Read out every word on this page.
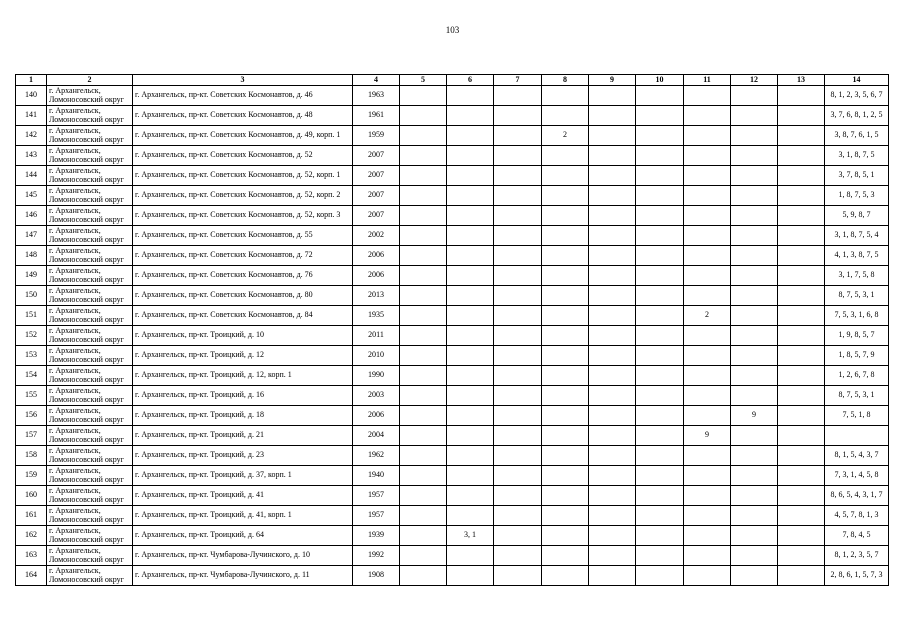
103
1	2	3	4	5	6	7	8	9	10	11	12	13	14
140	г. Архангельск, Ломоносовский округ	г. Архангельск, пр-кт. Советских Космонавтов, д. 46	1963										8, 1, 2, 3, 5, 6, 7
141	г. Архангельск, Ломоносовский округ	г. Архангельск, пр-кт. Советских Космонавтов, д. 48	1961										3, 7, 6, 8, 1, 2, 5
142	г. Архангельск, Ломоносовский округ	г. Архангельск, пр-кт. Советских Космонавтов, д. 49, корп. 1	1959				2						3, 8, 7, 6, 1, 5
143	г. Архангельск, Ломоносовский округ	г. Архангельск, пр-кт. Советских Космонавтов, д. 52	2007										3, 1, 8, 7, 5
144	г. Архангельск, Ломоносовский округ	г. Архангельск, пр-кт. Советских Космонавтов, д. 52, корп. 1	2007										3, 7, 8, 5, 1
145	г. Архангельск, Ломоносовский округ	г. Архангельск, пр-кт. Советских Космонавтов, д. 52, корп. 2	2007										1, 8, 7, 5, 3
146	г. Архангельск, Ломоносовский округ	г. Архангельск, пр-кт. Советских Космонавтов, д. 52, корп. 3	2007										5, 9, 8, 7
147	г. Архангельск, Ломоносовский округ	г. Архангельск, пр-кт. Советских Космонавтов, д. 55	2002										3, 1, 8, 7, 5, 4
148	г. Архангельск, Ломоносовский округ	г. Архангельск, пр-кт. Советских Космонавтов, д. 72	2006										4, 1, 3, 8, 7, 5
149	г. Архангельск, Ломоносовский округ	г. Архангельск, пр-кт. Советских Космонавтов, д. 76	2006										3, 1, 7, 5, 8
150	г. Архангельск, Ломоносовский округ	г. Архангельск, пр-кт. Советских Космонавтов, д. 80	2013										8, 7, 5, 3, 1
151	г. Архангельск, Ломоносовский округ	г. Архангельск, пр-кт. Советских Космонавтов, д. 84	1935							2			7, 5, 3, 1, 6, 8
152	г. Архангельск, Ломоносовский округ	г. Архангельск, пр-кт. Троицкий, д. 10	2011										1, 9, 8, 5, 7
153	г. Архангельск, Ломоносовский округ	г. Архангельск, пр-кт. Троицкий, д. 12	2010										1, 8, 5, 7, 9
154	г. Архангельск, Ломоносовский округ	г. Архангельск, пр-кт. Троицкий, д. 12, корп. 1	1990										1, 2, 6, 7, 8
155	г. Архангельск, Ломоносовский округ	г. Архангельск, пр-кт. Троицкий, д. 16	2003										8, 7, 5, 3, 1
156	г. Архангельск, Ломоносовский округ	г. Архангельск, пр-кт. Троицкий, д. 18	2006								9		7, 5, 1, 8
157	г. Архангельск, Ломоносовский округ	г. Архангельск, пр-кт. Троицкий, д. 21	2004							9			
158	г. Архангельск, Ломоносовский округ	г. Архангельск, пр-кт. Троицкий, д. 23	1962										8, 1, 5, 4, 3, 7
159	г. Архангельск, Ломоносовский округ	г. Архангельск, пр-кт. Троицкий, д. 37, корп. 1	1940										7, 3, 1, 4, 5, 8
160	г. Архангельск, Ломоносовский округ	г. Архангельск, пр-кт. Троицкий, д. 41	1957										8, 6, 5, 4, 3, 1, 7
161	г. Архангельск, Ломоносовский округ	г. Архангельск, пр-кт. Троицкий, д. 41, корп. 1	1957										4, 5, 7, 8, 1, 3
162	г. Архангельск, Ломоносовский округ	г. Архангельск, пр-кт. Троицкий, д. 64	1939		3, 1								7, 8, 4, 5
163	г. Архангельск, Ломоносовский округ	г. Архангельск, пр-кт. Чумбарова-Лучинского, д. 10	1992										8, 1, 2, 3, 5, 7
164	г. Архангельск, Ломоносовский округ	г. Архангельск, пр-кт. Чумбарова-Лучинского, д. 11	1908										2, 8, 6, 1, 5, 7, 3
